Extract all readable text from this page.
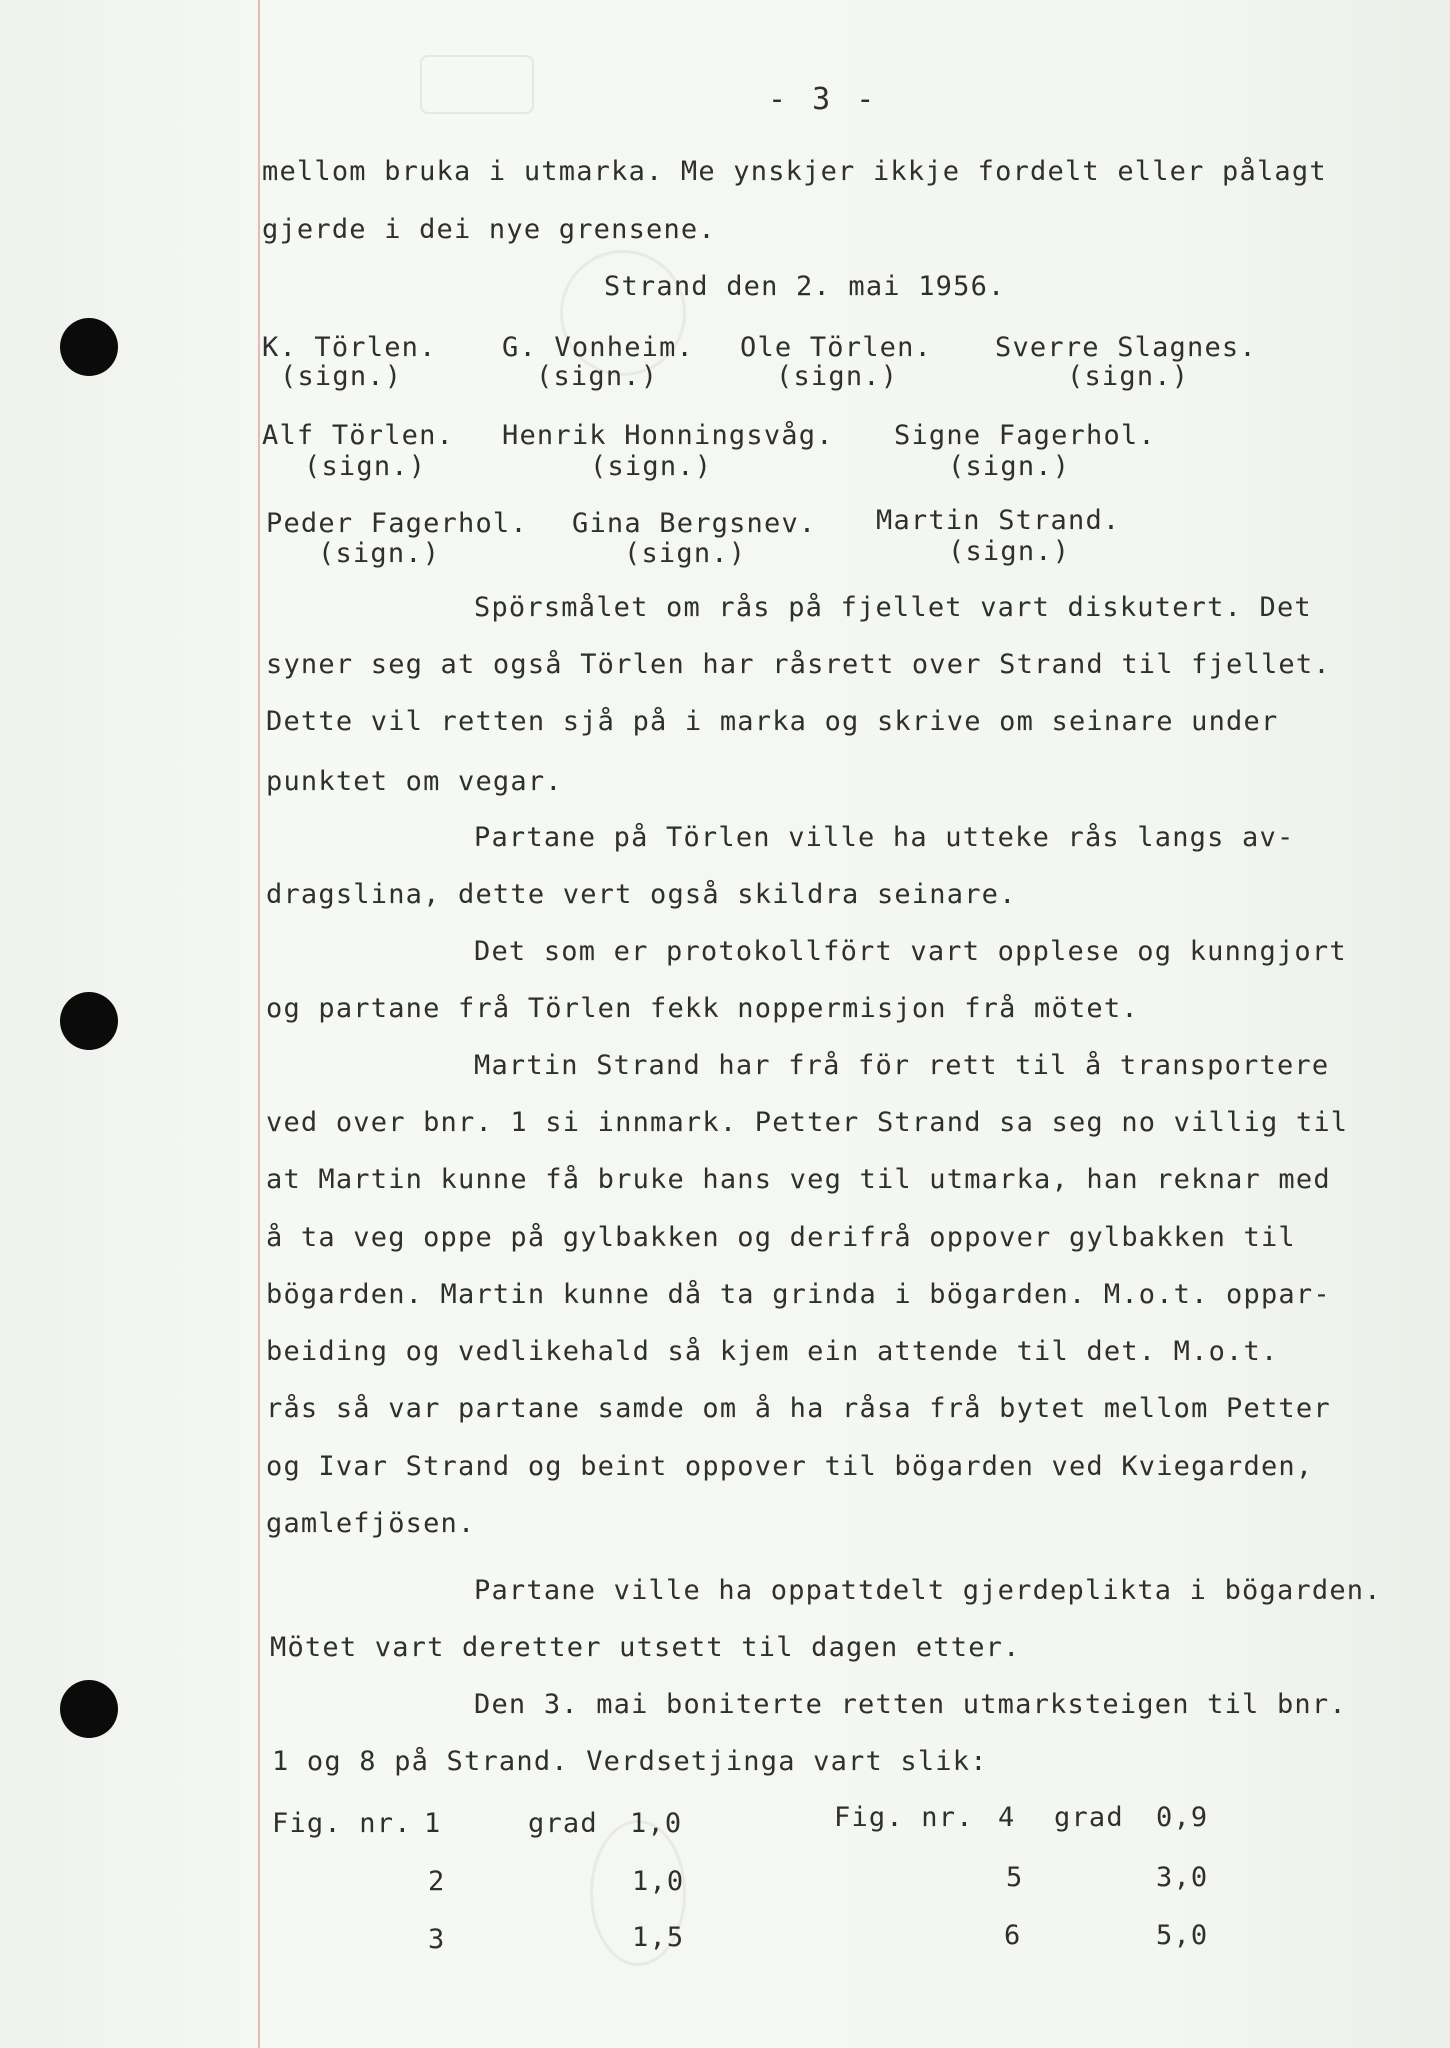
- 3 -
mellom bruka i utmarka. Me ynskjer ikkje fordelt eller pålagt
gjerde i dei nye grensene.
Strand den 2. mai 1956.
K. Törlen.
(sign.)
G. Vonheim.
(sign.)
Ole Törlen.
(sign.)
Sverre Slagnes.
(sign.)
Alf Törlen.
(sign.)
Henrik Honningsvåg.
(sign.)
Signe Fagerhol.
(sign.)
Peder Fagerhol.
(sign.)
Gina Bergsnev.
(sign.)
Martin Strand.
(sign.)
Spörsmålet om rås på fjellet vart diskutert. Det
syner seg at også Törlen har råsrett over Strand til fjellet.
Dette vil retten sjå på i marka og skrive om seinare under
punktet om vegar.
Partane på Törlen ville ha utteke rås langs av-
dragslina, dette vert også skildra seinare.
Det som er protokollfört vart opplese og kunngjort
og partane frå Törlen fekk noppermisjon frå mötet.
Martin Strand har frå för rett til å transportere
ved over bnr. 1 si innmark. Petter Strand sa seg no villig til
at Martin kunne få bruke hans veg til utmarka, han reknar med
å ta veg oppe på gylbakken og derifrå oppover gylbakken til
bögarden. Martin kunne då ta grinda i bögarden. M.o.t. oppar-
beiding og vedlikehald så kjem ein attende til det. M.o.t.
rås så var partane samde om å ha råsa frå bytet mellom Petter
og Ivar Strand og beint oppover til bögarden ved Kviegarden,
gamlefjösen.
Partane ville ha oppattdelt gjerdeplikta i bögarden.
Mötet vart deretter utsett til dagen etter.
Den 3. mai boniterte retten utmarksteigen til bnr.
1 og 8 på Strand. Verdsetjinga vart slik:
Fig. nr. 1	grad 1,0	Fig. nr. 4 grad 0,9
2	1,0	5	3,0
3	1,5	6	5,0
